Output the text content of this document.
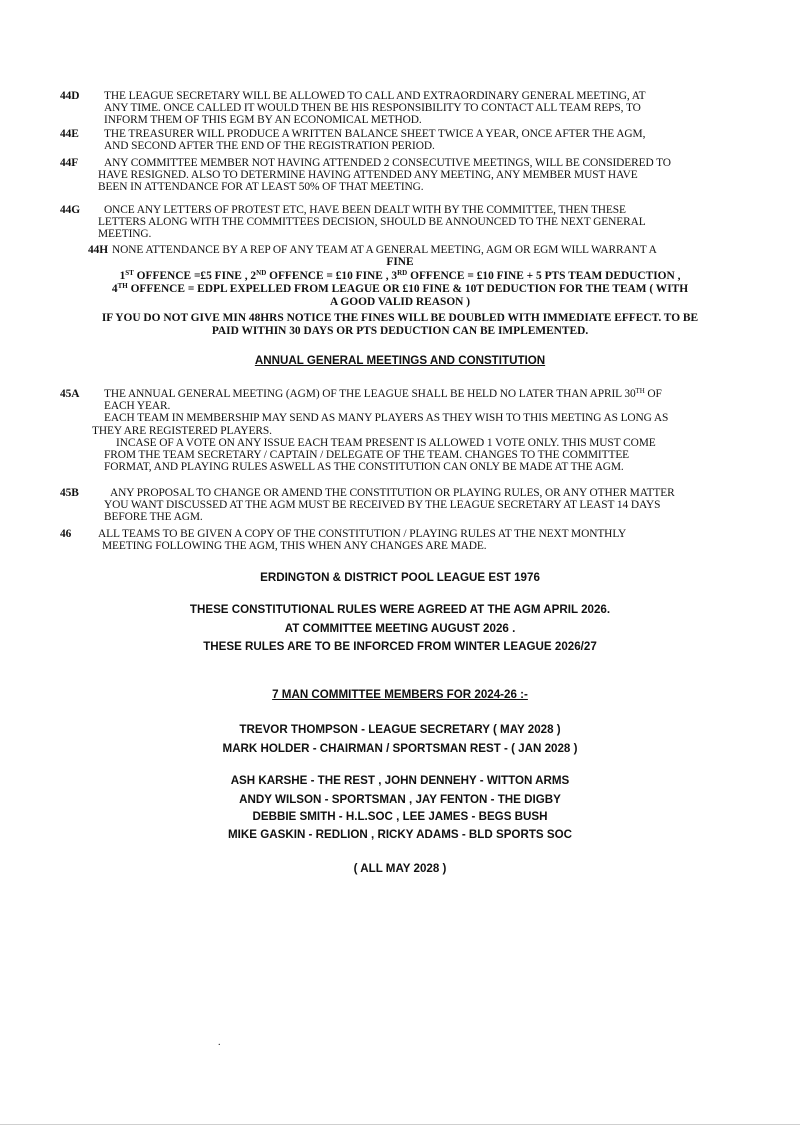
44D THE LEAGUE SECRETARY WILL BE ALLOWED TO CALL AND EXTRAORDINARY GENERAL MEETING, AT
ANY TIME. ONCE CALLED IT WOULD THEN BE HIS RESPONSIBILITY TO CONTACT ALL TEAM REPS, TO
INFORM THEM OF THIS EGM BY AN ECONOMICAL METHOD.
44E THE TREASURER WILL PRODUCE A WRITTEN BALANCE SHEET TWICE A YEAR, ONCE AFTER THE AGM,
AND SECOND AFTER THE END OF THE REGISTRATION PERIOD.
44F ANY COMMITTEE MEMBER NOT HAVING ATTENDED 2 CONSECUTIVE MEETINGS, WILL BE CONSIDERED TO
HAVE RESIGNED. ALSO TO DETERMINE HAVING ATTENDED ANY MEETING, ANY MEMBER MUST HAVE
BEEN IN ATTENDANCE FOR AT LEAST 50% OF THAT MEETING.
44G ONCE ANY LETTERS OF PROTEST ETC, HAVE BEEN DEALT WITH BY THE COMMITTEE, THEN THESE
LETTERS ALONG WITH THE COMMITTEES DECISION, SHOULD BE ANNOUNCED TO THE NEXT GENERAL
MEETING.
44H NONE ATTENDANCE BY A REP OF ANY TEAM AT A GENERAL MEETING, AGM OR EGM WILL WARRANT A
FINE
1ST OFFENCE =£5 FINE , 2ND OFFENCE = £10 FINE , 3RD OFFENCE = £10 FINE + 5 PTS TEAM DEDUCTION ,
4TH OFFENCE = EDPL EXPELLED FROM LEAGUE OR £10 FINE & 10T DEDUCTION FOR THE TEAM ( WITH
A GOOD VALID REASON )
IF YOU DO NOT GIVE MIN 48HRS NOTICE THE FINES WILL BE DOUBLED WITH IMMEDIATE EFFECT. TO BE
PAID WITHIN 30 DAYS OR PTS DEDUCTION CAN BE IMPLEMENTED.
ANNUAL GENERAL MEETINGS AND CONSTITUTION
45A THE ANNUAL GENERAL MEETING (AGM) OF THE LEAGUE SHALL BE HELD NO LATER THAN APRIL 30TH OF
EACH YEAR.
EACH TEAM IN MEMBERSHIP MAY SEND AS MANY PLAYERS AS THEY WISH TO THIS MEETING AS LONG AS
THEY ARE REGISTERED PLAYERS.
INCASE OF A VOTE ON ANY ISSUE EACH TEAM PRESENT IS ALLOWED 1 VOTE ONLY. THIS MUST COME
FROM THE TEAM SECRETARY / CAPTAIN / DELEGATE OF THE TEAM. CHANGES TO THE COMMITTEE
FORMAT, AND PLAYING RULES ASWELL AS THE CONSTITUTION CAN ONLY BE MADE AT THE AGM.
45B	ANY PROPOSAL TO CHANGE OR AMEND THE CONSTITUTION OR PLAYING RULES, OR ANY OTHER MATTER
YOU WANT DISCUSSED AT THE AGM MUST BE RECEIVED BY THE LEAGUE SECRETARY AT LEAST 14 DAYS
BEFORE THE AGM.
46 ALL TEAMS TO BE GIVEN A COPY OF THE CONSTITUTION / PLAYING RULES AT THE NEXT MONTHLY
MEETING FOLLOWING THE AGM, THIS WHEN ANY CHANGES ARE MADE.
ERDINGTON & DISTRICT POOL LEAGUE EST 1976
THESE CONSTITUTIONAL RULES WERE AGREED AT THE AGM APRIL 2026.
AT COMMITTEE MEETING AUGUST 2026 .
THESE RULES ARE TO BE INFORCED FROM WINTER LEAGUE 2026/27
7 MAN COMMITTEE MEMBERS FOR 2024-26 :-
TREVOR THOMPSON - LEAGUE SECRETARY ( MAY 2028 )
MARK HOLDER - CHAIRMAN / SPORTSMAN REST - ( JAN 2028 )
ASH KARSHE - THE REST , JOHN DENNEHY - WITTON ARMS
ANDY WILSON - SPORTSMAN , JAY FENTON - THE DIGBY
DEBBIE SMITH - H.L.SOC , LEE JAMES - BEGS BUSH
MIKE GASKIN - REDLION , RICKY ADAMS - BLD SPORTS SOC
( ALL MAY 2028 )
.
